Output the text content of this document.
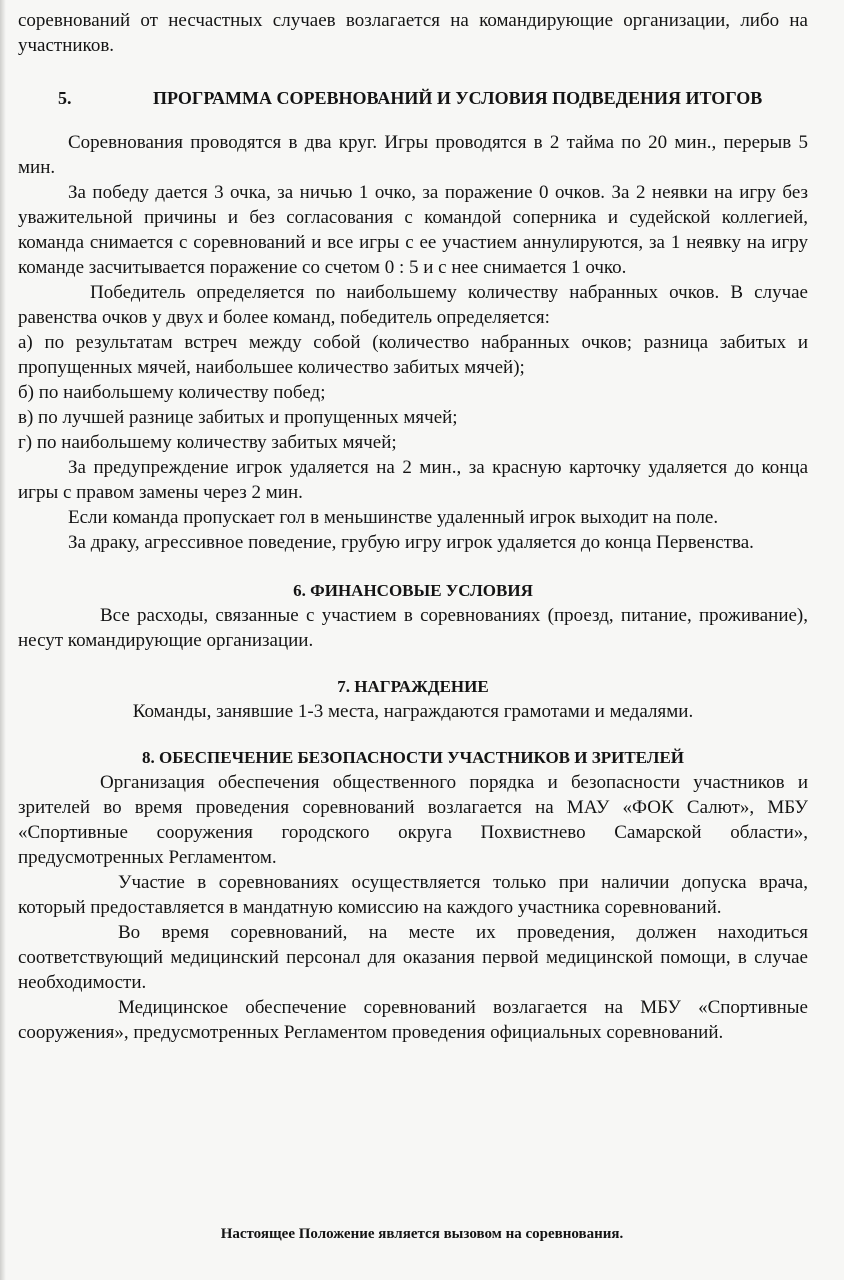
соревнований от несчастных случаев возлагается на командирующие организации, либо на участников.

5.	ПРОГРАММА СОРЕВНОВАНИЙ И УСЛОВИЯ ПОДВЕДЕНИЯ ИТОГОВ

Соревнования проводятся в два круг. Игры проводятся в 2 тайма по 20 мин., перерыв 5 мин.

За победу дается 3 очка, за ничью 1 очко, за поражение 0 очков. За 2 неявки на игру без уважительной причины и без согласования с командой соперника и судейской коллегией, команда снимается с соревнований и все игры с ее участием аннулируются, за 1 неявку на игру команде засчитывается поражение со счетом 0 : 5 и с нее снимается 1 очко.

Победитель определяется по наибольшему количеству набранных очков. В случае равенства очков у двух и более команд, победитель определяется:

а) по результатам встреч между собой (количество набранных очков; разница забитых и пропущенных мячей, наибольшее количество забитых мячей);

б) по наибольшему количеству побед;

в) по лучшей разнице забитых и пропущенных мячей;

г) по наибольшему количеству забитых мячей;

За предупреждение игрок удаляется на 2 мин., за красную карточку удаляется до конца игры с правом замены через 2 мин.

Если команда пропускает гол в меньшинстве удаленный игрок выходит на поле.

За драку, агрессивное поведение, грубую игру игрок удаляется до конца Первенства.

6. ФИНАНСОВЫЕ УСЛОВИЯ

Все расходы, связанные с участием в соревнованиях (проезд, питание, проживание), несут командирующие организации.

7. НАГРАЖДЕНИЕ

Команды, занявшие 1-3 места, награждаются грамотами и медалями.

8. ОБЕСПЕЧЕНИЕ БЕЗОПАСНОСТИ УЧАСТНИКОВ И ЗРИТЕЛЕЙ

Организация обеспечения общественного порядка и безопасности участников и зрителей во время проведения соревнований возлагается на МАУ «ФОК Салют», МБУ «Спортивные сооружения городского округа Похвистнево Самарской области», предусмотренных Регламентом.

Участие в соревнованиях осуществляется только при наличии допуска врача, который предоставляется в мандатную комиссию на каждого участника соревнований.

Во время соревнований, на месте их проведения, должен находиться соответствующий медицинский персонал для оказания первой медицинской помощи, в случае необходимости.

Медицинское обеспечение соревнований возлагается на МБУ «Спортивные сооружения», предусмотренных Регламентом проведения официальных соревнований.

Настоящее Положение является вызовом на соревнования.
